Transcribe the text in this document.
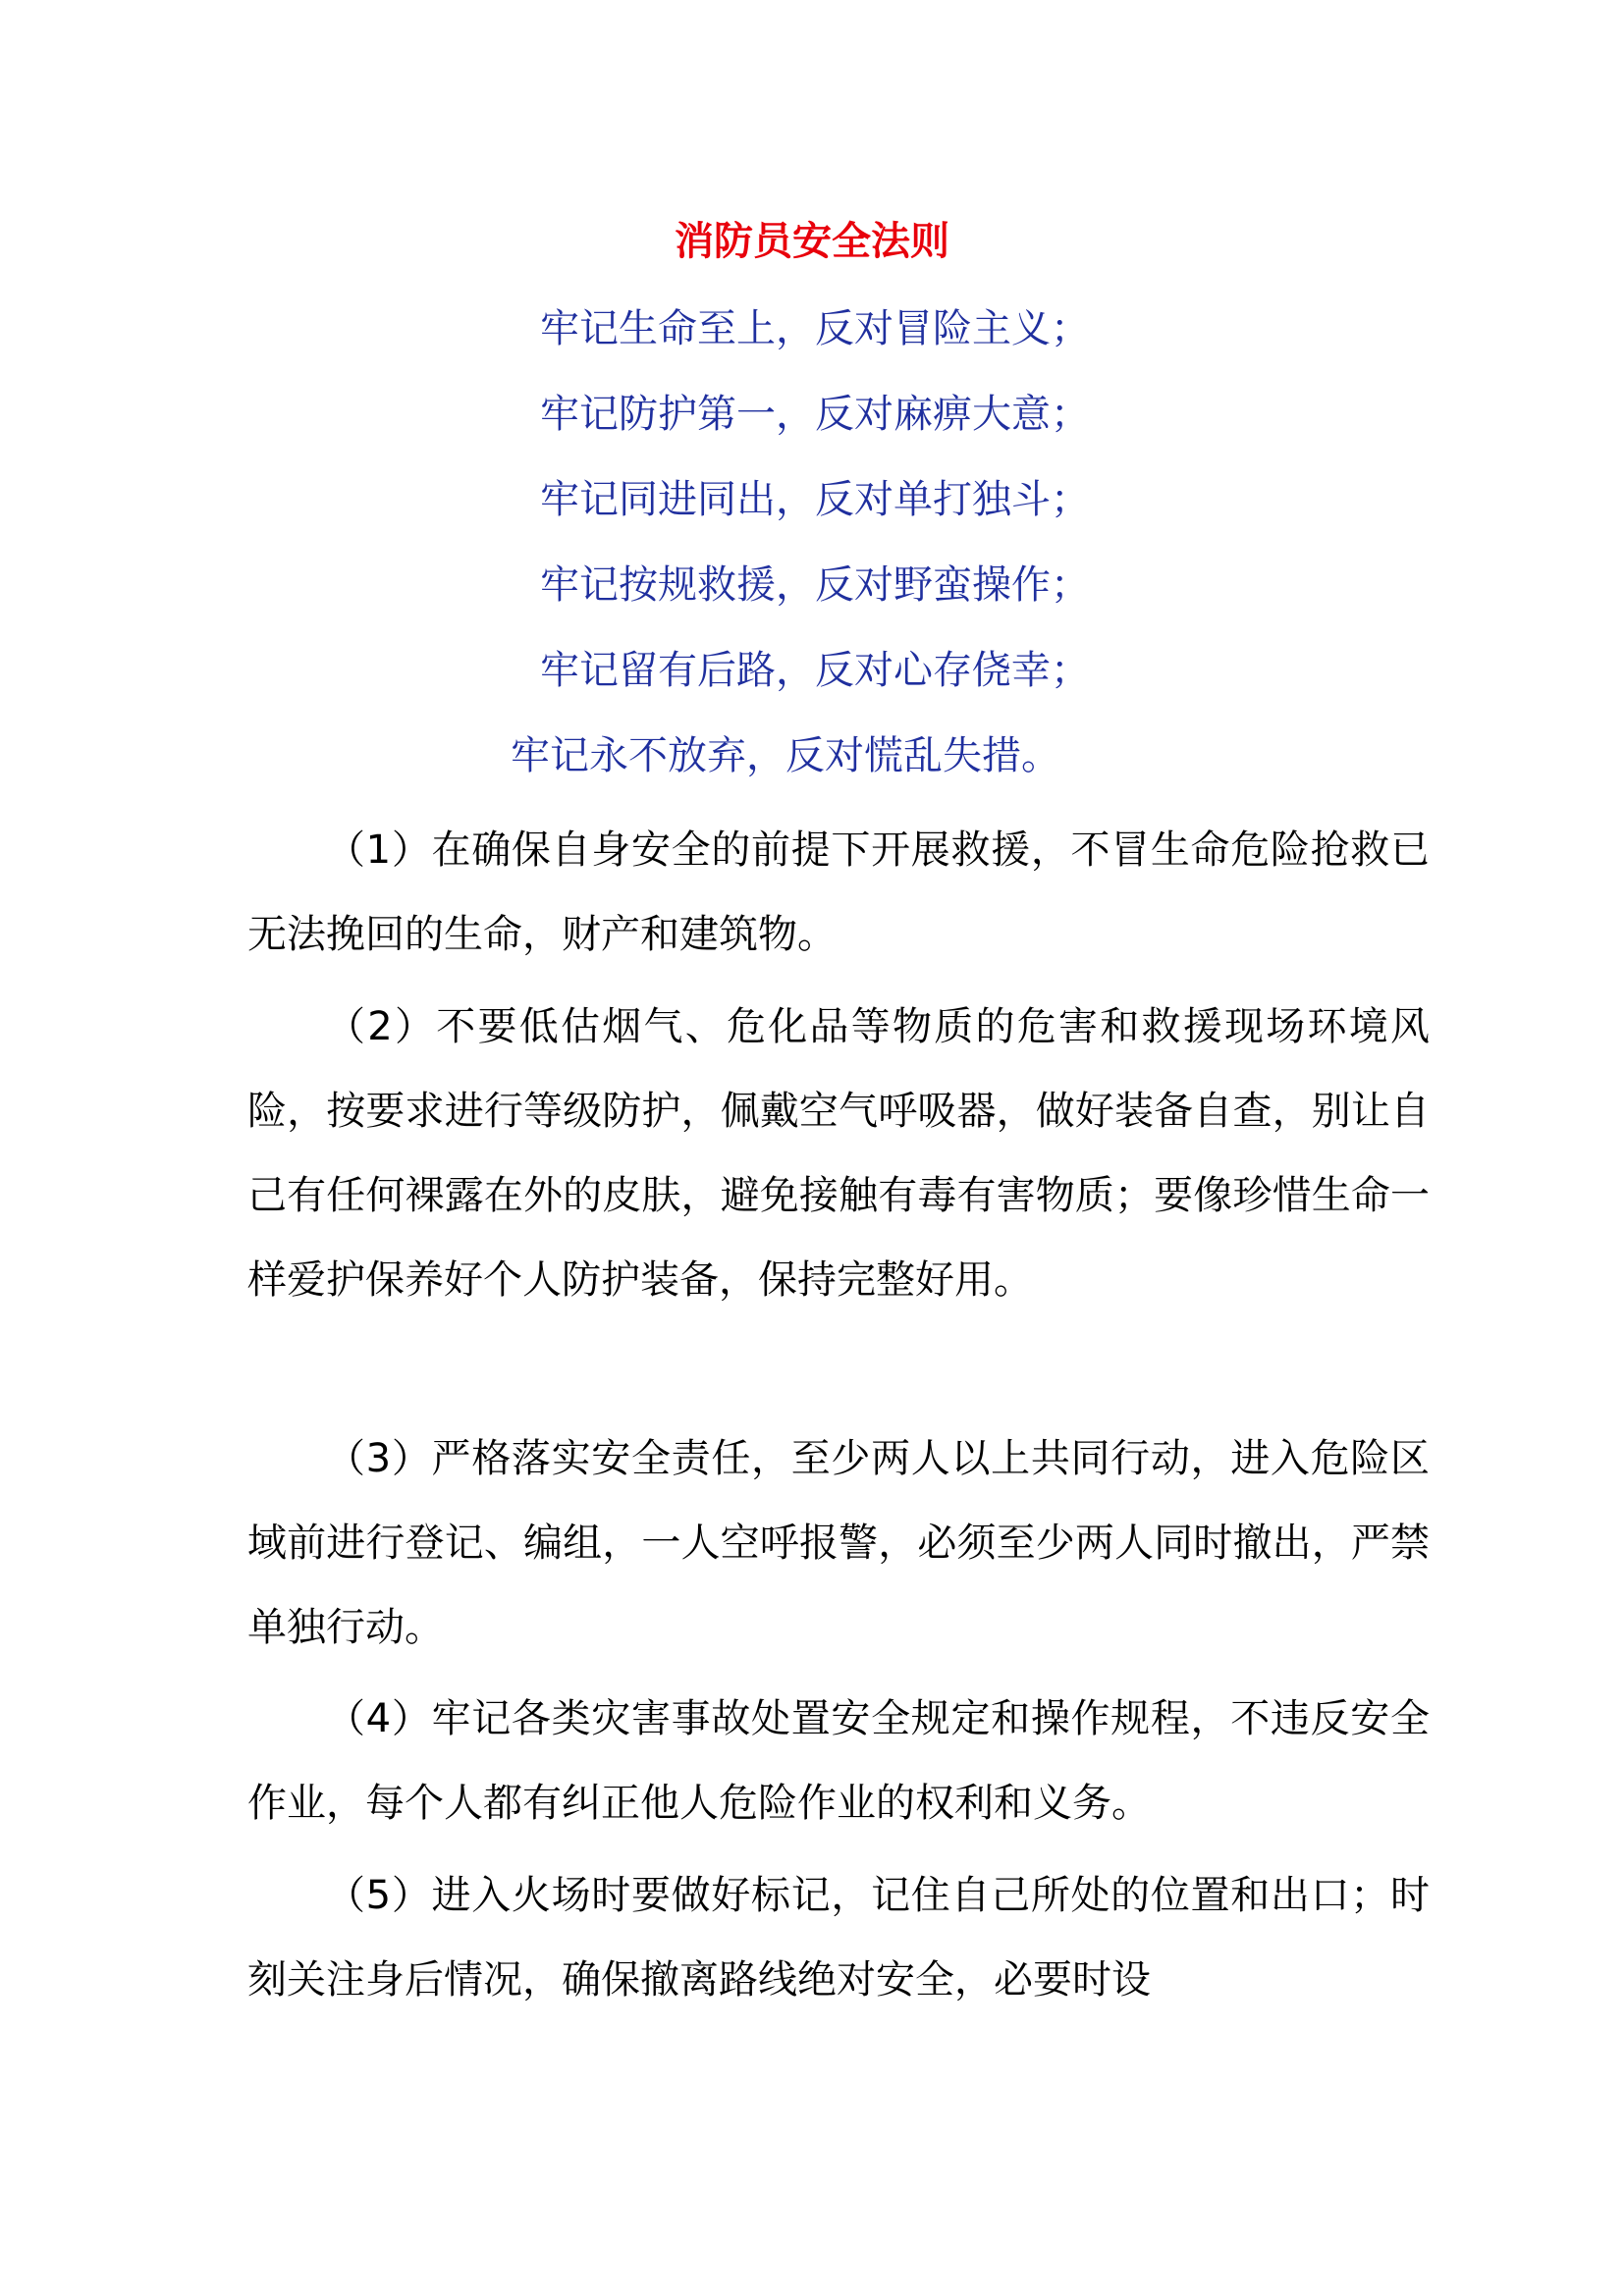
消防员安全法则

牢记生命至上，反对冒险主义；

牢记防护第一，反对麻痹大意；

牢记同进同出，反对单打独斗；

牢记按规救援，反对野蛮操作；

牢记留有后路，反对心存侥幸；

牢记永不放弃，反对慌乱失措。

（1）在确保自身安全的前提下开展救援，不冒生命危险抢救已无法挽回的生命，财产和建筑物。

（2）不要低估烟气、危化品等物质的危害和救援现场环境风险，按要求进行等级防护，佩戴空气呼吸器，做好装备自查，别让自己有任何裸露在外的皮肤，避免接触有毒有害物质；要像珍惜生命一样爱护保养好个人防护装备，保持完整好用。

（3）严格落实安全责任，至少两人以上共同行动，进入危险区域前进行登记、编组，一人空呼报警，必须至少两人同时撤出，严禁单独行动。

（4）牢记各类灾害事故处置安全规定和操作规程，不违反安全作业，每个人都有纠正他人危险作业的权利和义务。

（5）进入火场时要做好标记，记住自己所处的位置和出口；时刻关注身后情况，确保撤离路线绝对安全，必要时设
